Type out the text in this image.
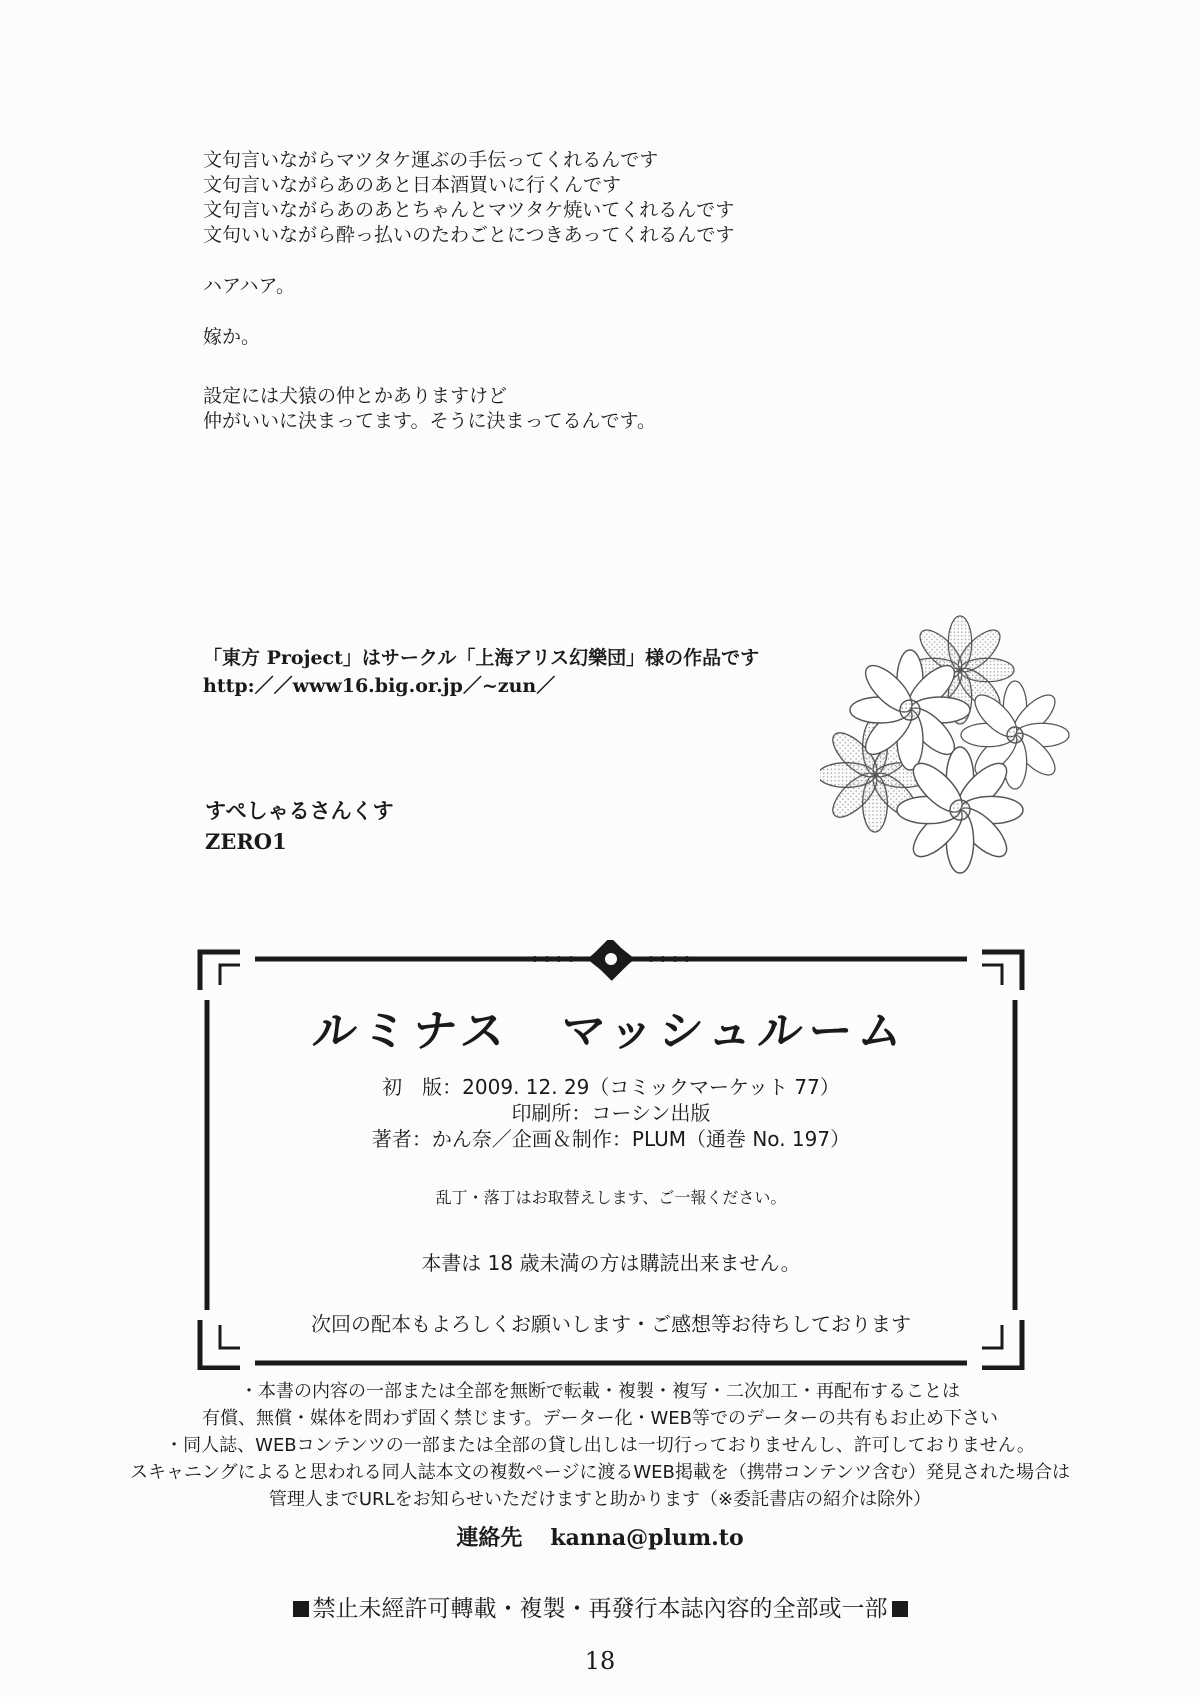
文句言いながらマツタケ運ぶの手伝ってくれるんです

文句言いながらあのあと日本酒買いに行くんです

文句言いながらあのあとちゃんとマツタケ焼いてくれるんです

文句いいながら酔っ払いのたわごとにつきあってくれるんです

ハアハア。

嫁か。

設定には犬猿の仲とかありますけど

仲がいいに決まってます。そうに決まってるんです。

「東方 Project」はサークル「上海アリス幻樂団」様の作品です
http:／／www16.big.or.jp／~zun／
すぺしゃるさんくす
ZERO1
ルミナス　マッシュルーム
初　版：2009. 12. 29（コミックマーケット 77）
印刷所：コーシン出版
著者：かん奈／企画＆制作：PLUM（通巻 No. 197）
乱丁・落丁はお取替えします、ご一報ください。
本書は 18 歳未満の方は購読出来ません。
次回の配本もよろしくお願いします・ご感想等お待ちしております
・本書の内容の一部または全部を無断で転載・複製・複写・二次加工・再配布することは
有償、無償・媒体を問わず固く禁じます。データー化・WEB等でのデーターの共有もお止め下さい
・同人誌、WEBコンテンツの一部または全部の貸し出しは一切行っておりませんし、許可しておりません。
スキャニングによると思われる同人誌本文の複数ページに渡るWEB掲載を（携帯コンテンツ含む）発見された場合は
管理人までURLをお知らせいただけますと助かります（※委託書店の紹介は除外）
連絡先 kanna@plum.to
禁止未經許可轉載・複製・再發行本誌內容的全部或一部
18
